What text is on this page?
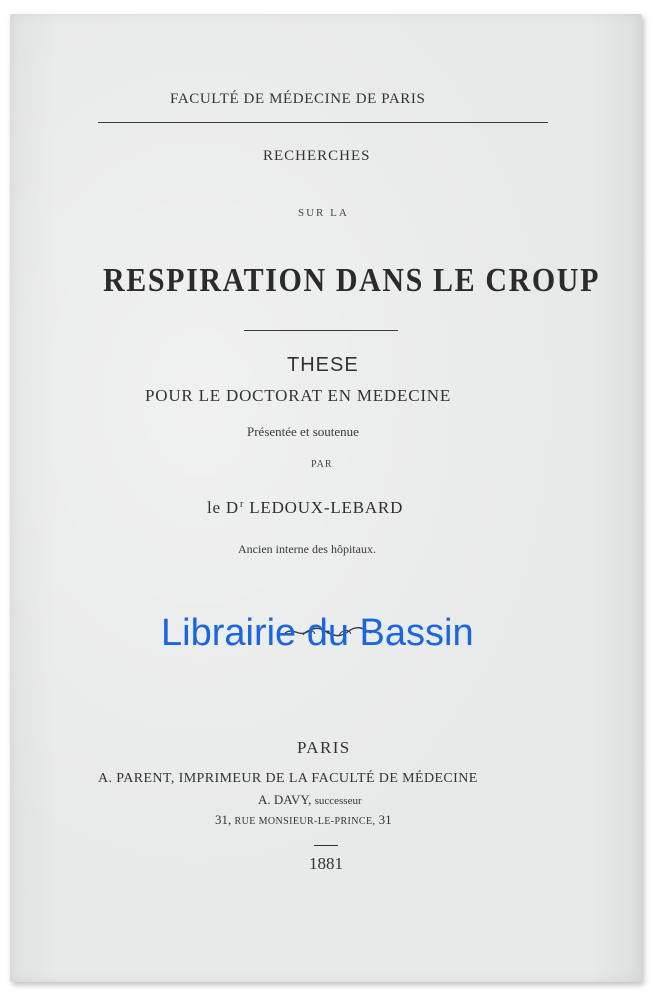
FACULTÉ DE MÉDECINE DE PARIS
RECHERCHES
SUR LA
RESPIRATION DANS LE CROUP
THESE
POUR LE DOCTORAT EN MEDECINE
Présentée et soutenue
PAR
le $D^r$ LEDOUX-LEBARD
Ancien interne des hôpitaux.
Librairie du Bassin
PARIS
A. PARENT, IMPRIMEUR DE LA FACULTÉ DE MÉDECINE
A. DAVY, successeur
31, RUE MONSIEUR-LE-PRINCE, 31
1881
